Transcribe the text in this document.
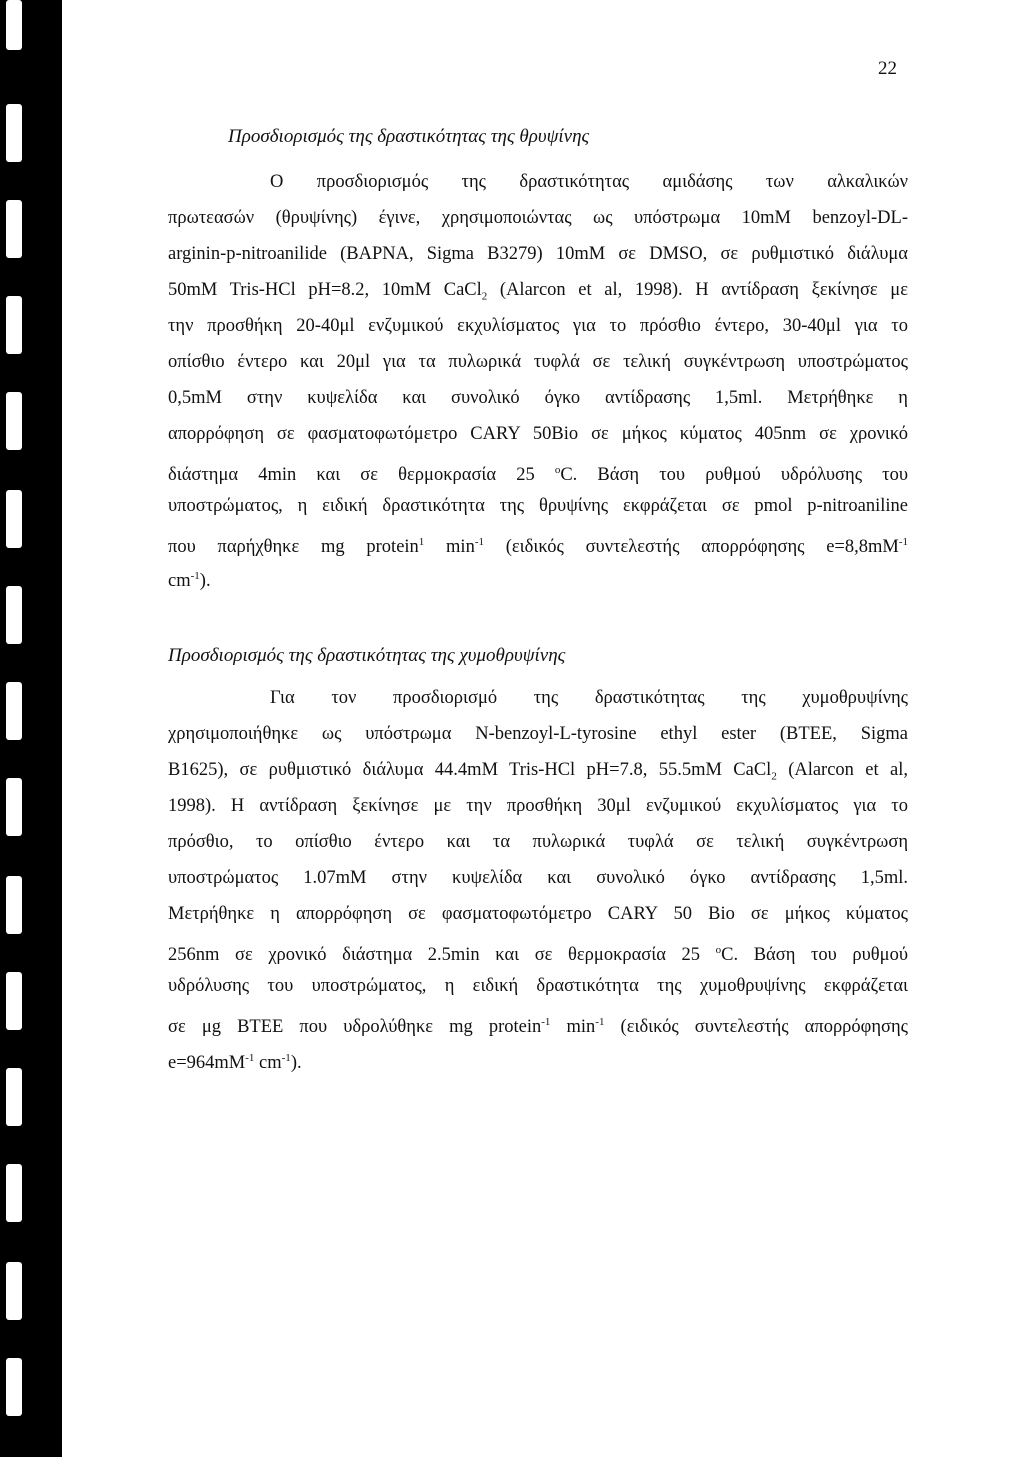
22
Προσδιορισμός της δραστικότητας της θρυψίνης
Ο προσδιορισμός της δραστικότητας αμιδάσης των αλκαλικών
πρωτεασών (θρυψίνης) έγινε, χρησιμοποιώντας ως υπόστρωμα 10mM benzoyl-DL-
arginin-p-nitroanilide (BAPNA, Sigma B3279) 10mM σε DMSO, σε ρυθμιστικό διάλυμα
50mM Tris-HCl pH=8.2, 10mM CaCl$_2$ (Alarcon et al, 1998). Η αντίδραση ξεκίνησε με
την προσθήκη 20-40μl ενζυμικού εκχυλίσματος για το πρόσθιο έντερο, 30-40μl για το
οπίσθιο έντερο και 20μl για τα πυλωρικά τυφλά σε τελική συγκέντρωση υποστρώματος
0,5mM στην κυψελίδα και συνολικό όγκο αντίδρασης 1,5ml. Μετρήθηκε η
απορρόφηση σε φασματοφωτόμετρο CARY 50Bio σε μήκος κύματος 405nm σε χρονικό
διάστημα 4min και σε θερμοκρασία 25 $^o$C. Βάση του ρυθμού υδρόλυσης του
υποστρώματος, η ειδική δραστικότητα της θρυψίνης εκφράζεται σε pmol p-nitroaniline
που παρήχθηκε mg protein$^1$ $\min^{-1} (\varepsilon\iota\delta\iota\kappa ό\varsigma$ συντελεστής απορρόφησης $e=8,8mM^{-1}$
$cm^{-1}$).
Προσδιορισμός της δραστικότητας της χυμοθρυψίνης
Για τον προσδιορισμό της δραστικότητας της χυμοθρυψίνης
χρησιμοποιήθηκε ως υπόστρωμα N-benzoyl-L-tyrosine ethyl ester (BTEE, Sigma
B1625), σε ρυθμιστικό διάλυμα 44.4mM Tris-HCl pH=7.8, 55.5mM CaCl$_2$ (Alarcon et al,
1998). Η αντίδραση ξεκίνησε με την προσθήκη 30μl ενζυμικού εκχυλίσματος για το
πρόσθιο, το οπίσθιο έντερο και τα πυλωρικά τυφλά σε τελική συγκέντρωση
υποστρώματος 1.07mM στην κυψελίδα και συνολικό όγκο αντίδρασης 1,5ml.
Μετρήθηκε η απορρόφηση σε φασματοφωτόμετρο CARY 50 Bio σε μήκος κύματος
256nm σε χρονικό διάστημα 2.5min και σε θερμοκρασία 25 $^o$C. Βάση του ρυθμού
υδρόλυσης του υποστρώματος, η ειδική δραστικότητα της χυμοθρυψίνης εκφράζεται
σε μg BTEE που υδρολύθηκε mg protein$^{-1}$ $\min^{-1} (\varepsilon\iota\delta\iota\kappa ό\varsigma$ συντελεστής απορρόφησης
$e=964mM^{-1}$ $cm^{-1}$).
